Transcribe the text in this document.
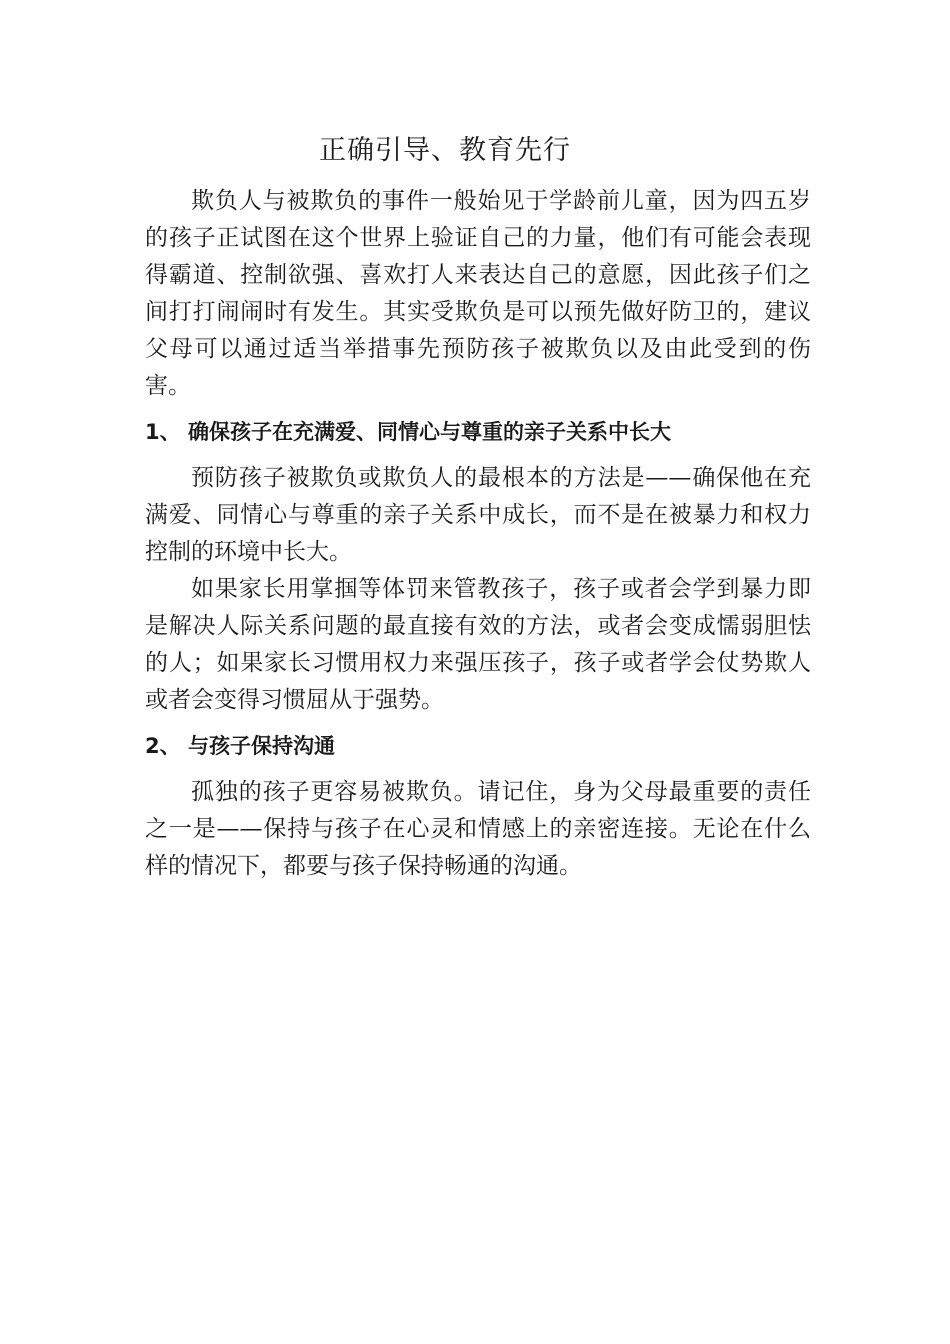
正确引导、教育先行

欺负人与被欺负的事件一般始见于学龄前儿童，因为四五岁的孩子正试图在这个世界上验证自己的力量，他们有可能会表现得霸道、控制欲强、喜欢打人来表达自己的意愿，因此孩子们之间打打闹闹时有发生。其实受欺负是可以预先做好防卫的，建议父母可以通过适当举措事先预防孩子被欺负以及由此受到的伤害。

1、 确保孩子在充满爱、同情心与尊重的亲子关系中长大

预防孩子被欺负或欺负人的最根本的方法是——确保他在充满爱、同情心与尊重的亲子关系中成长，而不是在被暴力和权力控制的环境中长大。

如果家长用掌掴等体罚来管教孩子，孩子或者会学到暴力即是解决人际关系问题的最直接有效的方法，或者会变成懦弱胆怯的人；如果家长习惯用权力来强压孩子，孩子或者学会仗势欺人或者会变得习惯屈从于强势。

2、 与孩子保持沟通

孤独的孩子更容易被欺负。请记住，身为父母最重要的责任之一是——保持与孩子在心灵和情感上的亲密连接。无论在什么样的情况下，都要与孩子保持畅通的沟通。
